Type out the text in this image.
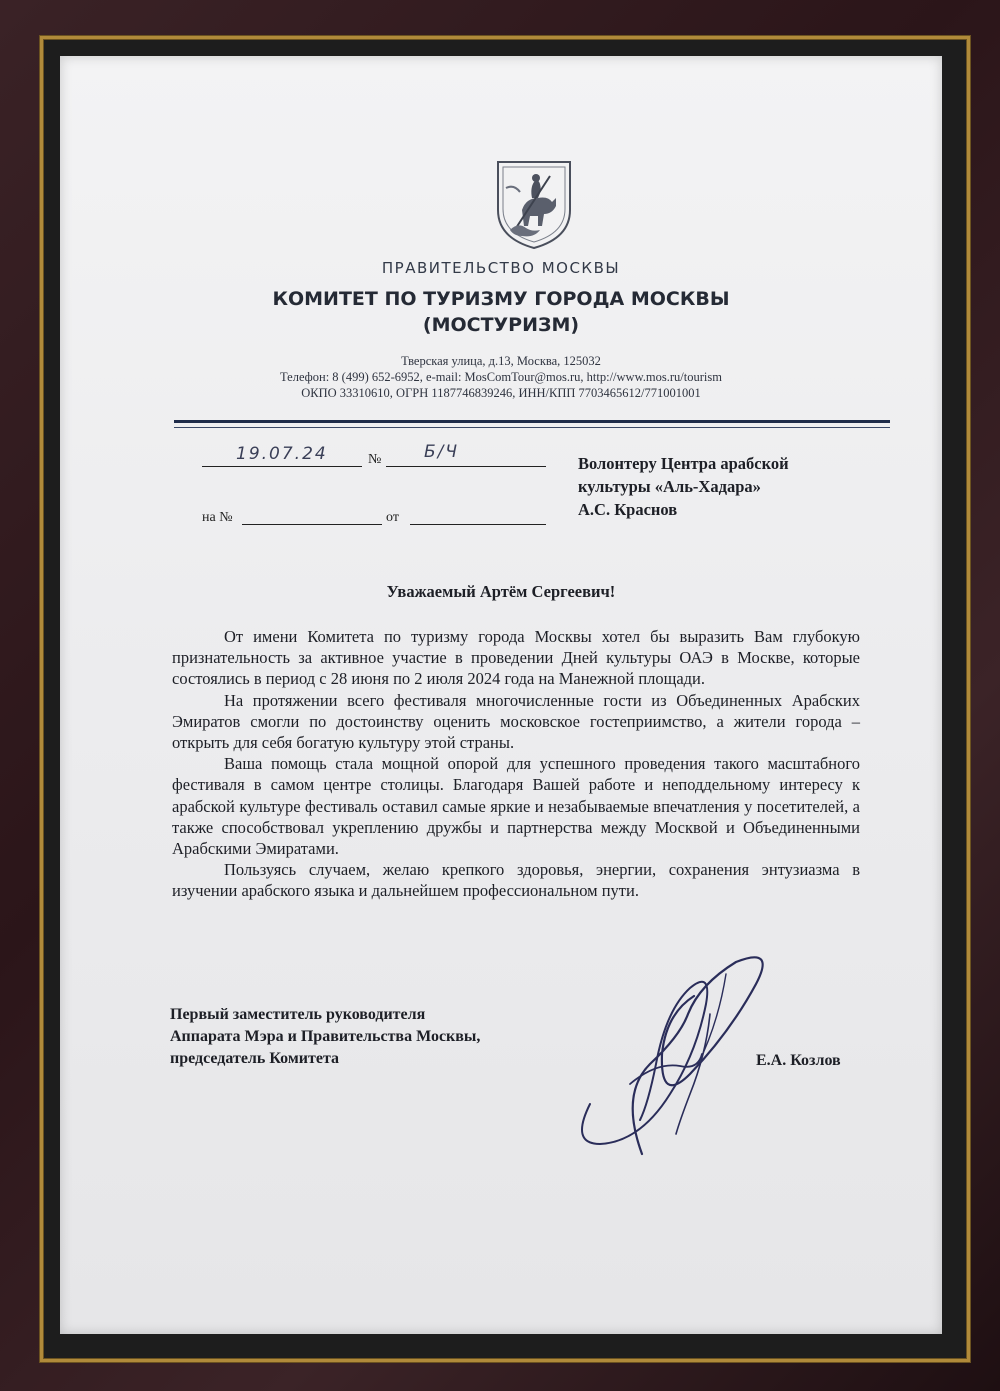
ПРАВИТЕЛЬСТВО МОСКВЫ
КОМИТЕТ ПО ТУРИЗМУ ГОРОДА МОСКВЫ
(МОСТУРИЗМ)
Тверская улица, д.13, Москва, 125032
Телефон: 8 (499) 652-6952, e-mail: MosComTour@mos.ru, http://www.mos.ru/tourism
ОКПО 33310610, ОГРН 1187746839246, ИНН/КПП 7703465612/771001001
19.07.24	№	Б/Ч
на №	от
Волонтеру Центра арабской
культуры «Аль-Хадара»
А.С. Краснов
Уважаемый Артём Сергеевич!

От имени Комитета по туризму города Москвы хотел бы выразить Вам глубокую признательность за активное участие в проведении Дней культуры ОАЭ в Москве, которые состоялись в период с 28 июня по 2 июля 2024 года на Манежной площади.

На протяжении всего фестиваля многочисленные гости из Объединенных Арабских Эмиратов смогли по достоинству оценить московское гостеприимство, а жители города – открыть для себя богатую культуру этой страны.

Ваша помощь стала мощной опорой для успешного проведения такого масштабного фестиваля в самом центре столицы. Благодаря Вашей работе и неподдельному интересу к арабской культуре фестиваль оставил самые яркие и незабываемые впечатления у посетителей, а также способствовал укреплению дружбы и партнерства между Москвой и Объединенными Арабскими Эмиратами.

Пользуясь случаем, желаю крепкого здоровья, энергии, сохранения энтузиазма в изучении арабского языка и дальнейшем профессиональном пути.

Первый заместитель руководителя
Аппарата Мэра и Правительства Москвы,
председатель Комитета	Е.А. Козлов
